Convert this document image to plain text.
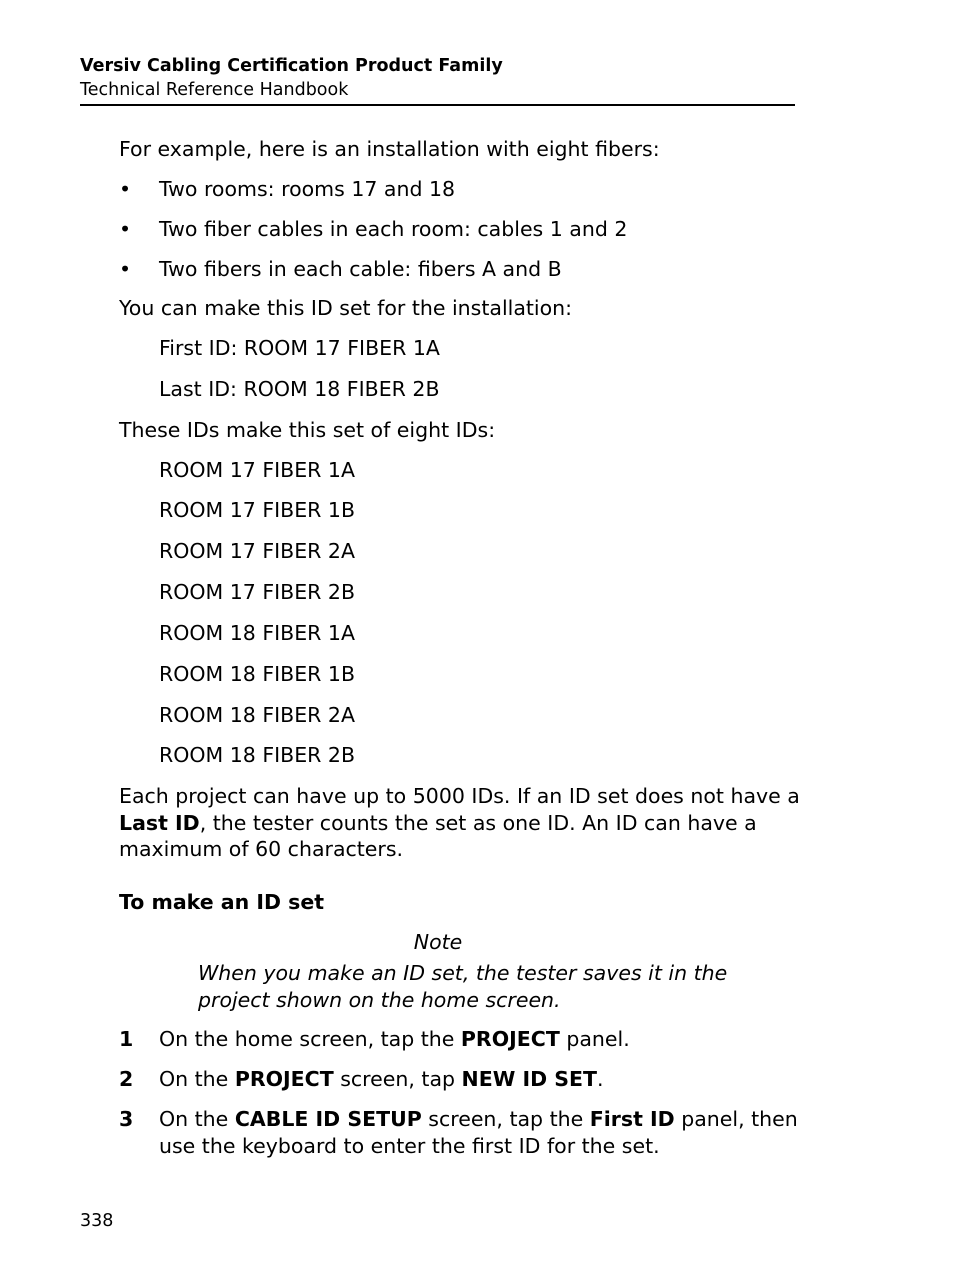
Versiv Cabling Certification Product Family
Technical Reference Handbook
For example, here is an installation with eight fibers:
• Two rooms: rooms 17 and 18
• Two fiber cables in each room: cables 1 and 2
• Two fibers in each cable: fibers A and B
You can make this ID set for the installation:
First ID: ROOM 17 FIBER 1A
Last ID: ROOM 18 FIBER 2B
These IDs make this set of eight IDs:
ROOM 17 FIBER 1A
ROOM 17 FIBER 1B
ROOM 17 FIBER 2A
ROOM 17 FIBER 2B
ROOM 18 FIBER 1A
ROOM 18 FIBER 1B
ROOM 18 FIBER 2A
ROOM 18 FIBER 2B
Each project can have up to 5000 IDs. If an ID set does not have a Last ID, the tester counts the set as one ID. An ID can have a maximum of 60 characters.
To make an ID set
Note
When you make an ID set, the tester saves it in the project shown on the home screen.
1 On the home screen, tap the PROJECT panel.
2 On the PROJECT screen, tap NEW ID SET.
3 On the CABLE ID SETUP screen, tap the First ID panel, then use the keyboard to enter the first ID for the set.
338
